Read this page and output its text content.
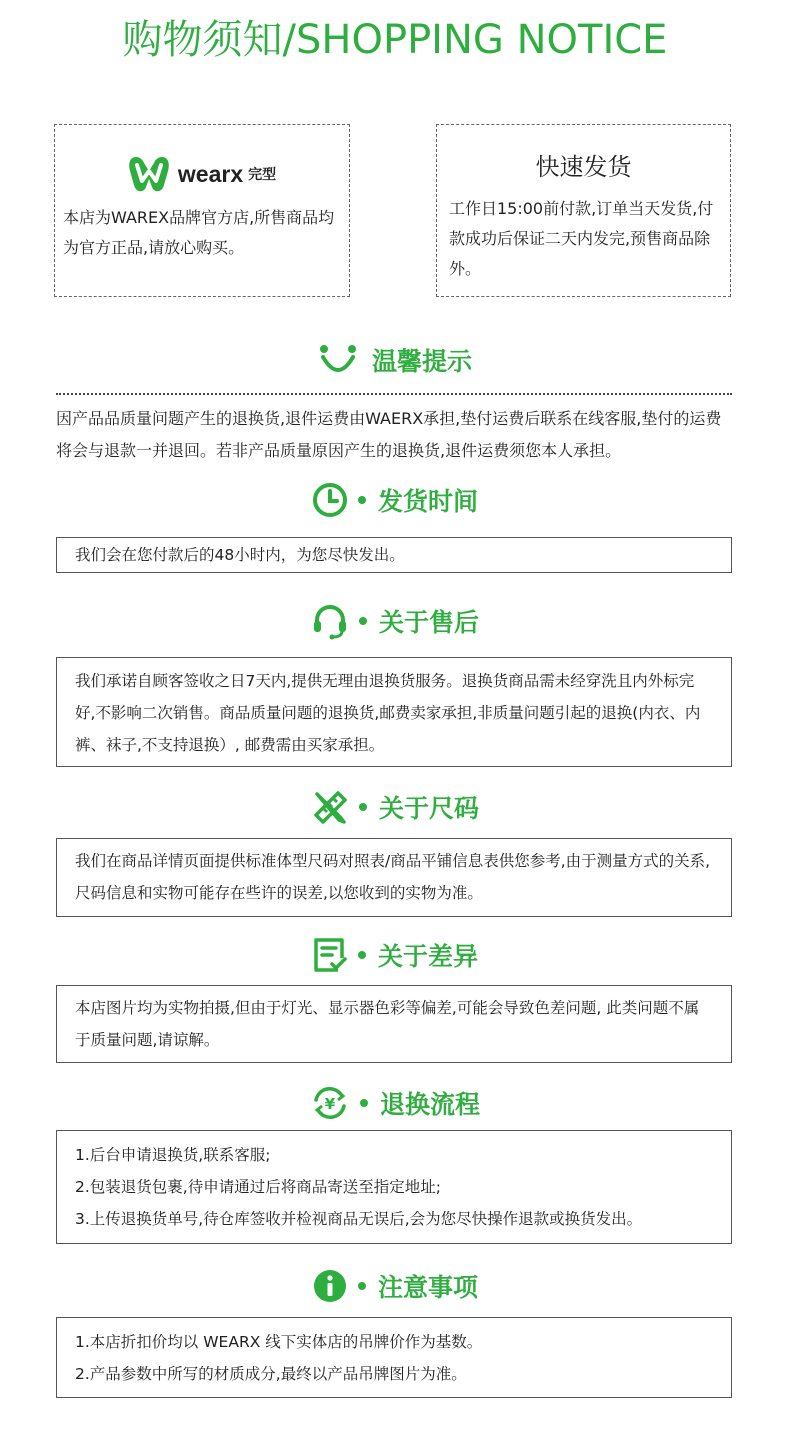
购物须知/SHOPPING NOTICE
wearx 完型
本店为WAREX品牌官方店,所售商品均为官方正品,请放心购买。
快速发货
工作日15:00前付款,订单当天发货,付款成功后保证二天内发完,预售商品除外。
温馨提示
因产品品质量问题产生的退换货,退件运费由WAERX承担,垫付运费后联系在线客服,垫付的运费将会与退款一并退回。若非产品质量原因产生的退换货,退件运费须您本人承担。
发货时间

我们会在您付款后的48小时内，为您尽快发出。

关于售后

我们承诺自顾客签收之日7天内,提供无理由退换货服务。退换货商品需未经穿洗且内外标完好,不影响二次销售。商品质量问题的退换货,邮费卖家承担,非质量问题引起的退换(内衣、内裤、袜子,不支持退换）, 邮费需由买家承担。

关于尺码

我们在商品详情页面提供标准体型尺码对照表/商品平铺信息表供您参考,由于测量方式的关系,尺码信息和实物可能存在些许的误差,以您收到的实物为准。

关于差异

本店图片均为实物拍摄,但由于灯光、显示器色彩等偏差,可能会导致色差问题, 此类问题不属于质量问题,请谅解。

¥ 退换流程

1.后台申请退换货,联系客服;

2.包装退货包裹,待申请通过后将商品寄送至指定地址;

3.上传退换货单号,待仓库签收并检视商品无误后,会为您尽快操作退款或换货发出。

注意事项

1.本店折扣价均以 WEARX 线下实体店的吊牌价作为基数。

2.产品参数中所写的材质成分,最终以产品吊牌图片为准。
